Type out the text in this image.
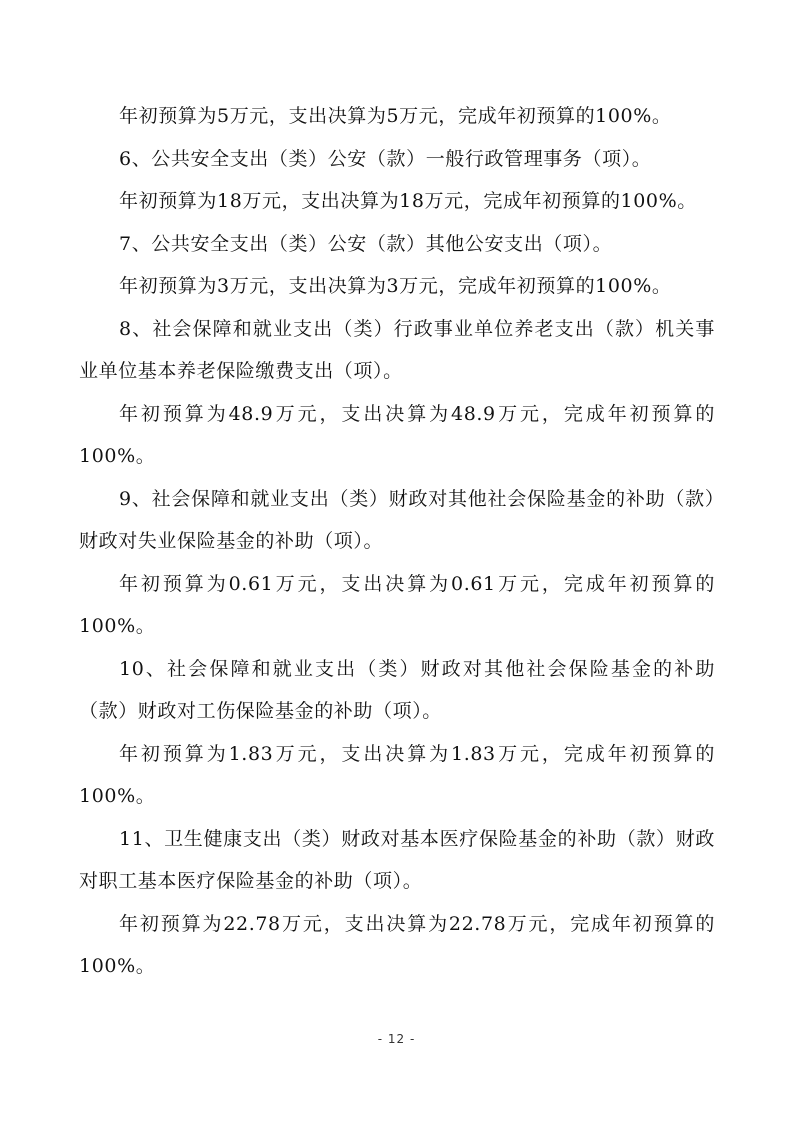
年初预算为5万元，支出决算为5万元，完成年初预算的100%。

6、公共安全支出（类）公安（款）一般行政管理事务（项）。

年初预算为18万元，支出决算为18万元，完成年初预算的100%。

7、公共安全支出（类）公安（款）其他公安支出（项）。

年初预算为3万元，支出决算为3万元，完成年初预算的100%。

8、社会保障和就业支出（类）行政事业单位养老支出（款）机关事业单位基本养老保险缴费支出（项）。

年初预算为48.9万元，支出决算为48.9万元，完成年初预算的100%。

9、社会保障和就业支出（类）财政对其他社会保险基金的补助（款）财政对失业保险基金的补助（项）。

年初预算为0.61万元，支出决算为0.61万元，完成年初预算的100%。

10、社会保障和就业支出（类）财政对其他社会保险基金的补助（款）财政对工伤保险基金的补助（项）。

年初预算为1.83万元，支出决算为1.83万元，完成年初预算的100%。

11、卫生健康支出（类）财政对基本医疗保险基金的补助（款）财政对职工基本医疗保险基金的补助（项）。

年初预算为22.78万元，支出决算为22.78万元，完成年初预算的100%。

- 12 -
